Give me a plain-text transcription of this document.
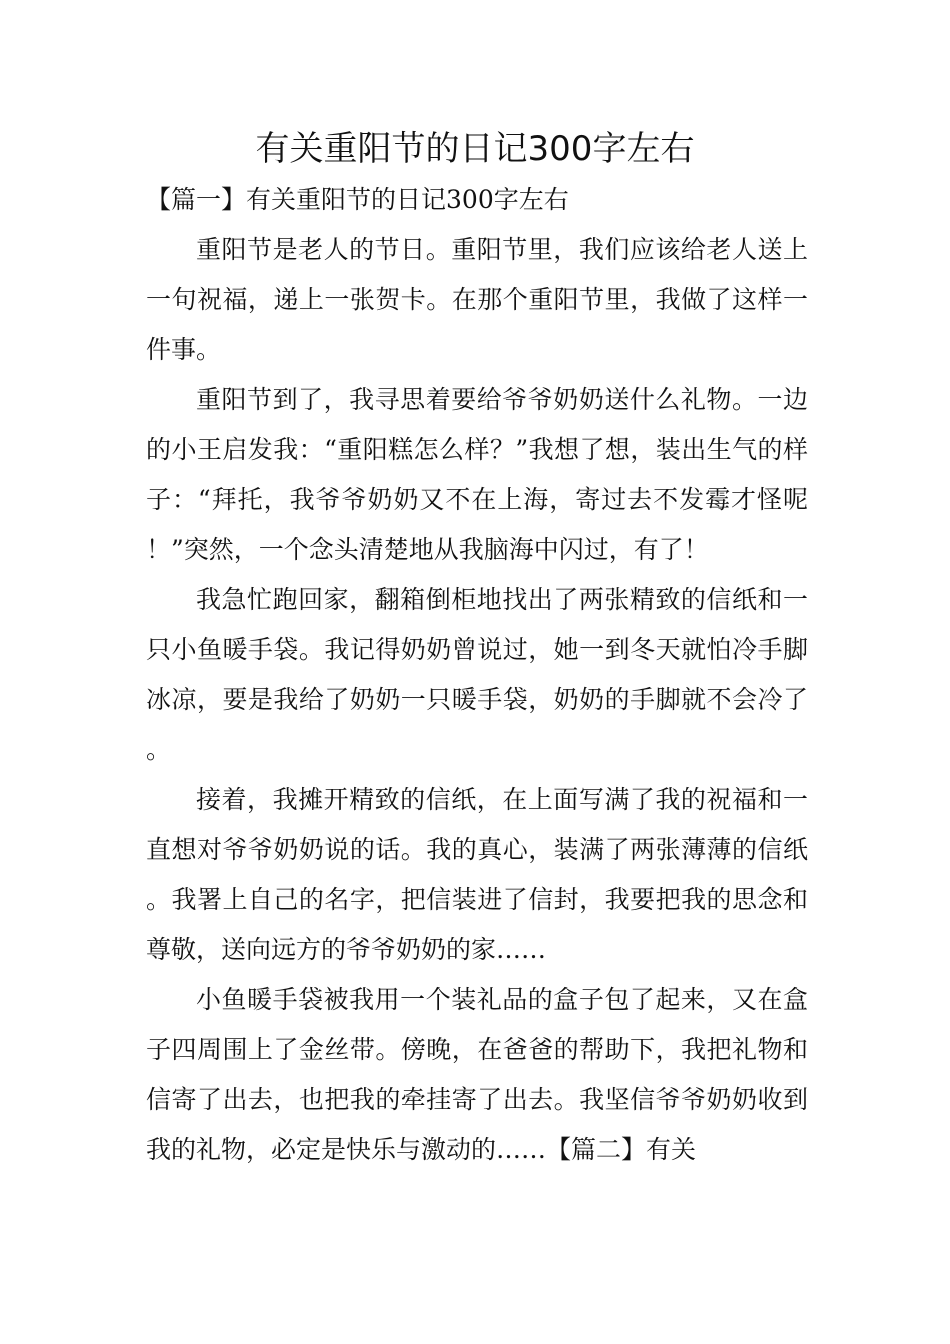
有关重阳节的日记300字左右

【篇一】有关重阳节的日记300字左右

重阳节是老人的节日。重阳节里，我们应该给老人送上一句祝福，递上一张贺卡。在那个重阳节里，我做了这样一件事。

重阳节到了，我寻思着要给爷爷奶奶送什么礼物。一边的小王启发我：“重阳糕怎么样？”我想了想，装出生气的样子：“拜托，我爷爷奶奶又不在上海，寄过去不发霉才怪呢！”突然，一个念头清楚地从我脑海中闪过，有了！

我急忙跑回家，翻箱倒柜地找出了两张精致的信纸和一只小鱼暖手袋。我记得奶奶曾说过，她一到冬天就怕冷手脚冰凉，要是我给了奶奶一只暖手袋，奶奶的手脚就不会冷了。

接着，我摊开精致的信纸，在上面写满了我的祝福和一直想对爷爷奶奶说的话。我的真心，装满了两张薄薄的信纸。我署上自己的名字，把信装进了信封，我要把我的思念和尊敬，送向远方的爷爷奶奶的家……

小鱼暖手袋被我用一个装礼品的盒子包了起来，又在盒子四周围上了金丝带。傍晚，在爸爸的帮助下，我把礼物和信寄了出去，也把我的牵挂寄了出去。我坚信爷爷奶奶收到我的礼物，必定是快乐与激动的……【篇二】有关
